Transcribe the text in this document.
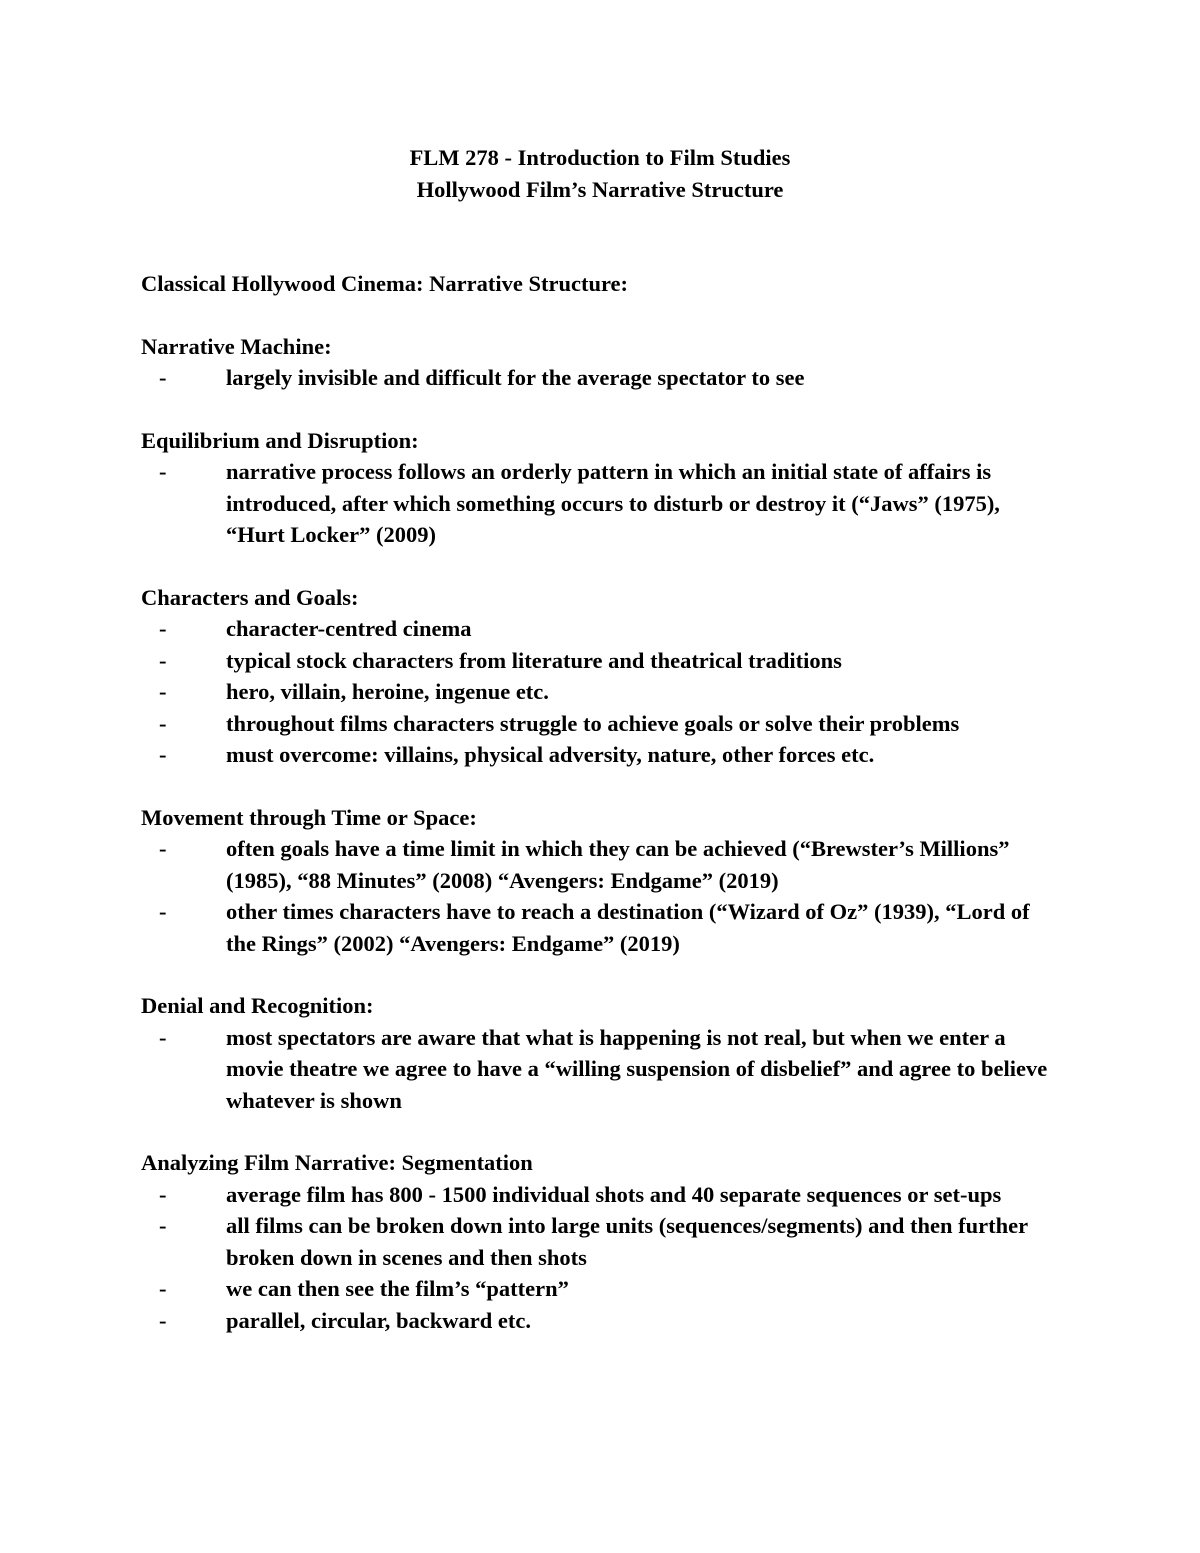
FLM 278 - Introduction to Film Studies
Hollywood Film’s Narrative Structure
Classical Hollywood Cinema: Narrative Structure:
Narrative Machine:
-	largely invisible and difficult for the average spectator to see
Equilibrium and Disruption:
-	narrative process follows an orderly pattern in which an initial state of affairs is introduced, after which something occurs to disturb or destroy it (“Jaws” (1975), “Hurt Locker” (2009)
Characters and Goals:
-	character-centred cinema
-	typical stock characters from literature and theatrical traditions
-	hero, villain, heroine, ingenue etc.
-	throughout films characters struggle to achieve goals or solve their problems
-	must overcome: villains, physical adversity, nature, other forces etc.
Movement through Time or Space:
-	often goals have a time limit in which they can be achieved (“Brewster’s Millions” (1985), “88 Minutes” (2008) “Avengers: Endgame” (2019)
-	other times characters have to reach a destination (“Wizard of Oz” (1939), “Lord of the Rings” (2002) “Avengers: Endgame” (2019)
Denial and Recognition:
-	most spectators are aware that what is happening is not real, but when we enter a movie theatre we agree to have a “willing suspension of disbelief” and agree to believe whatever is shown
Analyzing Film Narrative: Segmentation
-	average film has 800 - 1500 individual shots and 40 separate sequences or set-ups
-	all films can be broken down into large units (sequences/segments) and then further broken down in scenes and then shots
-	we can then see the film’s “pattern”
-	parallel, circular, backward etc.
